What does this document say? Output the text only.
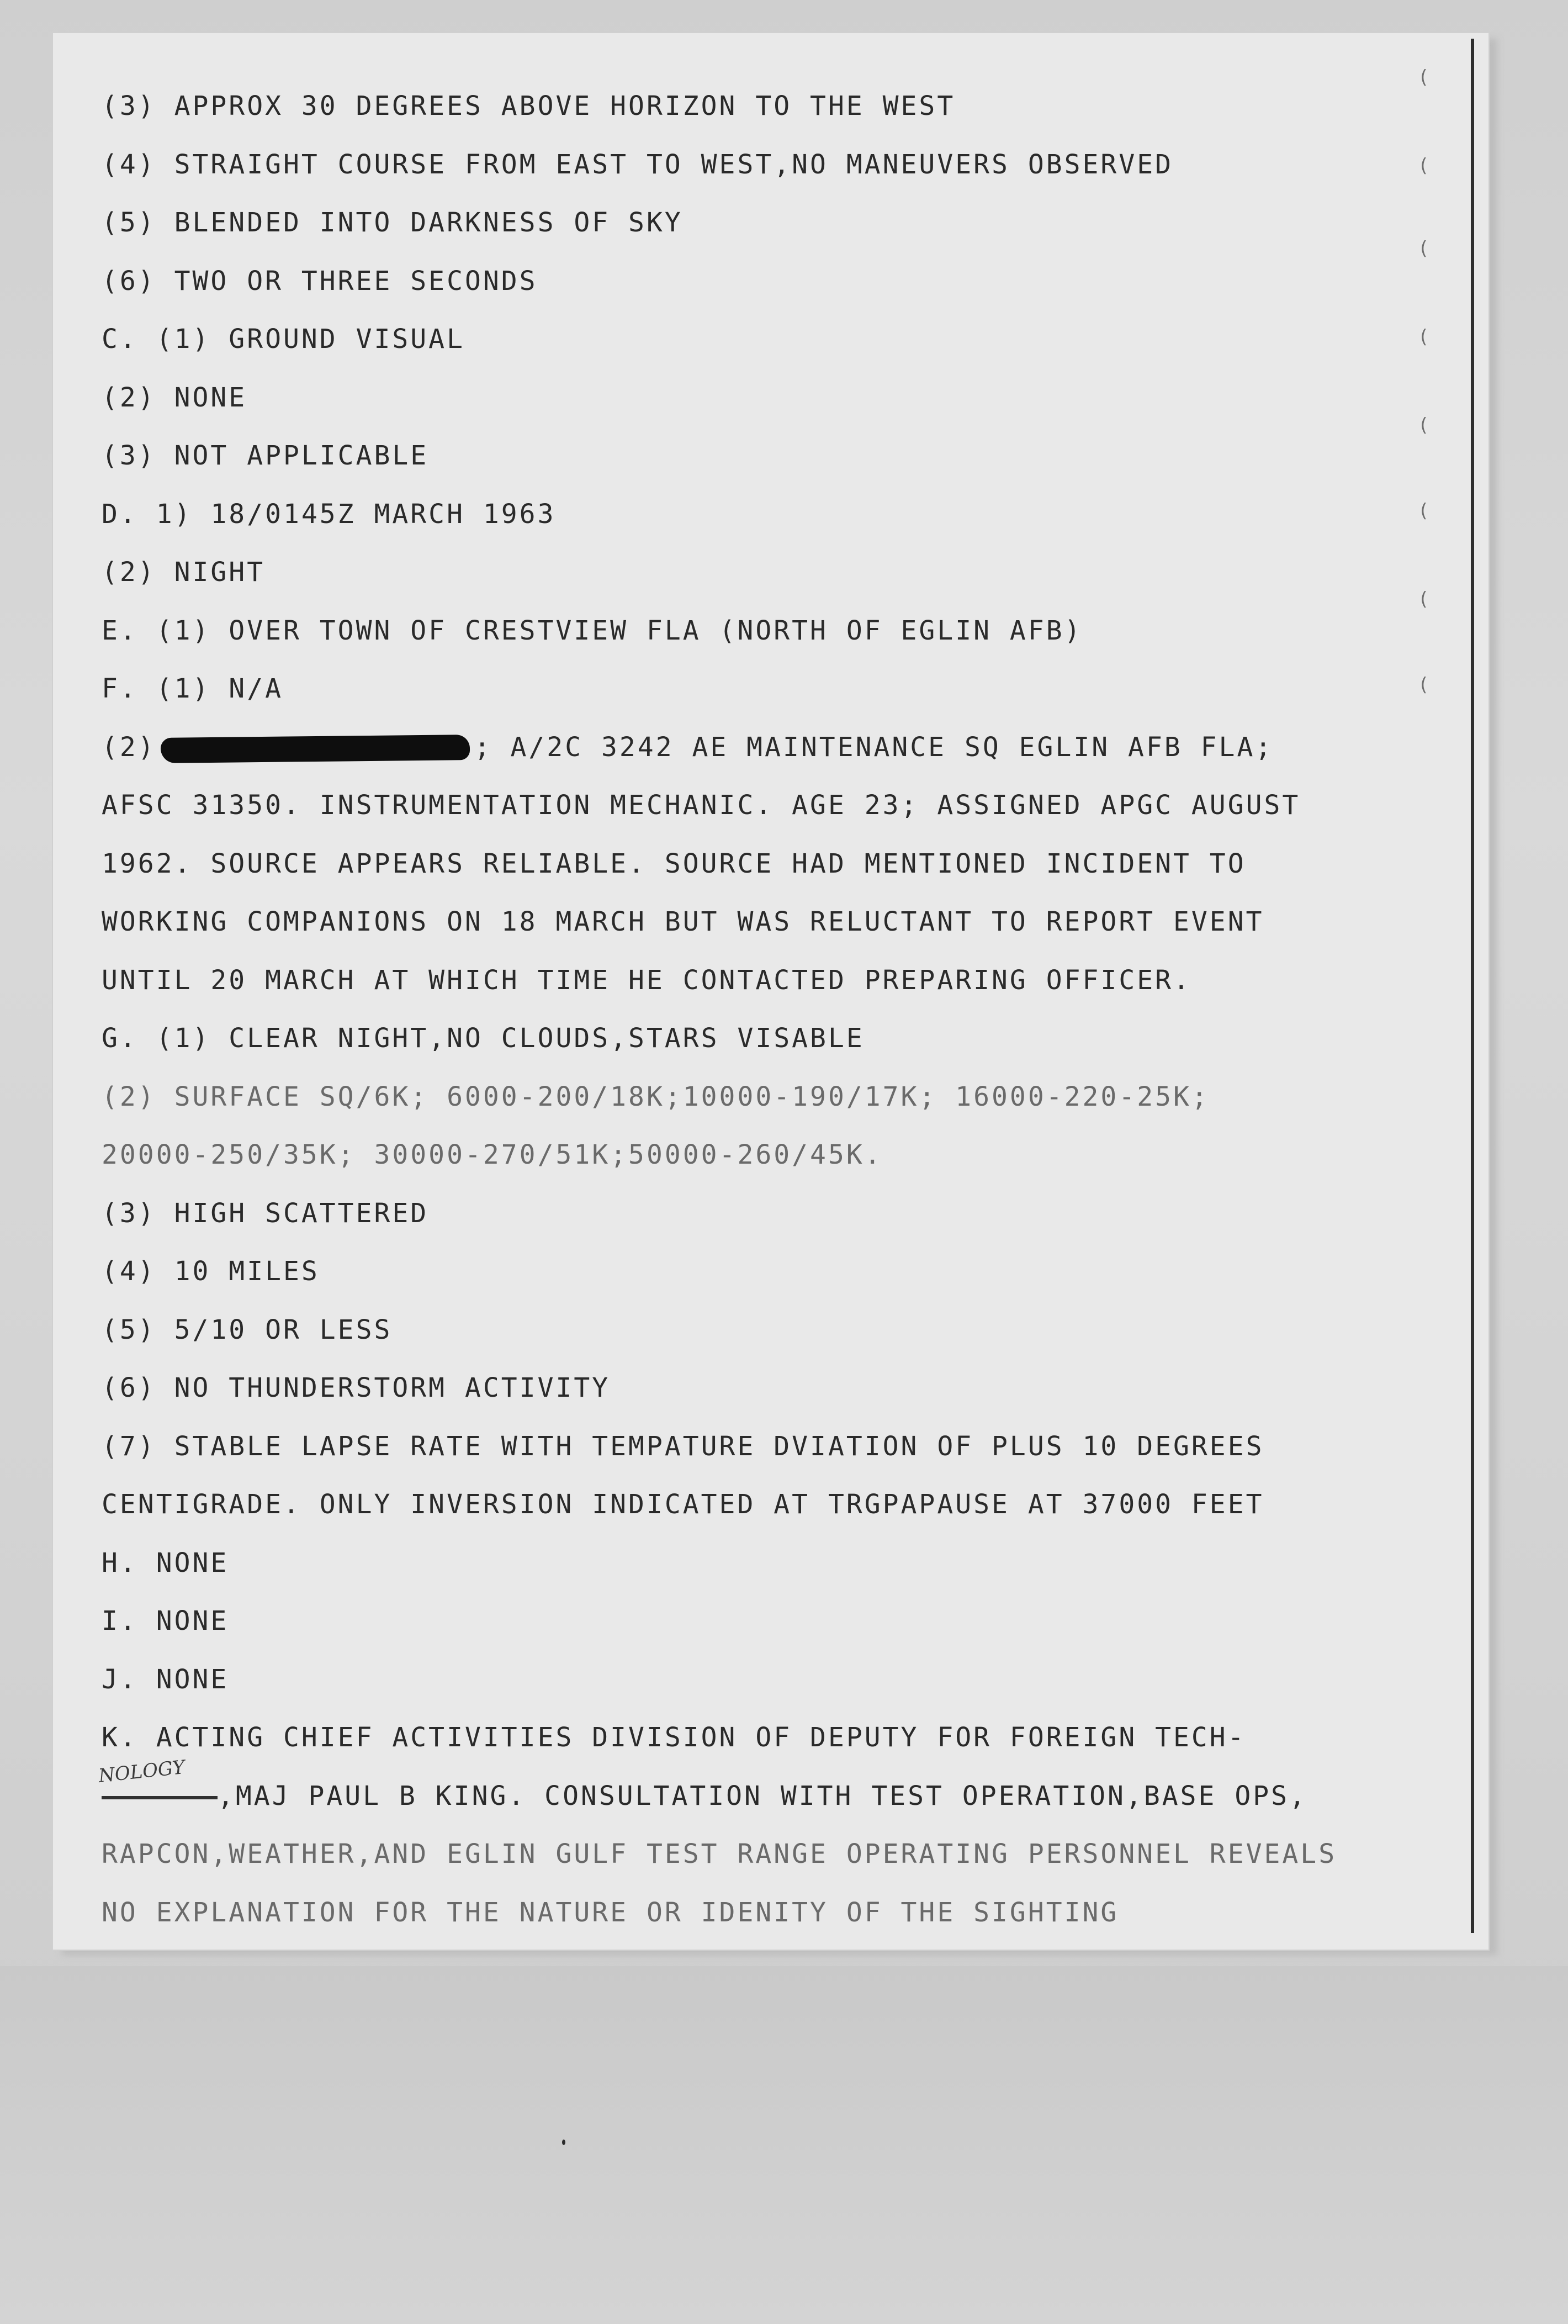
(
(
(
(
(
(
(
(
(3) APPROX 30 DEGREES ABOVE HORIZON TO THE WEST
(4) STRAIGHT COURSE FROM EAST TO WEST,NO MANEUVERS OBSERVED
(5) BLENDED INTO DARKNESS OF SKY
(6) TWO OR THREE SECONDS
C. (1) GROUND VISUAL
(2) NONE
(3) NOT APPLICABLE
D. 1) 18/0145Z MARCH 1963
(2) NIGHT
E. (1) OVER TOWN OF CRESTVIEW FLA (NORTH OF EGLIN AFB)
F. (1) N/A
(2)	; A/2C 3242 AE MAINTENANCE SQ EGLIN AFB FLA;
AFSC 31350. INSTRUMENTATION MECHANIC. AGE 23; ASSIGNED APGC AUGUST
1962. SOURCE APPEARS RELIABLE. SOURCE HAD MENTIONED INCIDENT TO
WORKING COMPANIONS ON 18 MARCH BUT WAS RELUCTANT TO REPORT EVENT
UNTIL 20 MARCH AT WHICH TIME HE CONTACTED PREPARING OFFICER.
G. (1) CLEAR NIGHT,NO CLOUDS,STARS VISABLE
(2) SURFACE SQ/6K; 6000-200/18K;10000-190/17K; 16000-220-25K;
20000-250/35K; 30000-270/51K;50000-260/45K.
(3) HIGH SCATTERED
(4) 10 MILES
(5) 5/10 OR LESS
(6) NO THUNDERSTORM ACTIVITY
(7) STABLE LAPSE RATE WITH TEMPATURE DVIATION OF PLUS 10 DEGREES
CENTIGRADE. ONLY INVERSION INDICATED AT TRGPAPAUSE AT 37000 FEET
H. NONE
I. NONE
J. NONE
K. ACTING CHIEF ACTIVITIES DIVISION OF DEPUTY FOR FOREIGN TECH-
,MAJ PAUL B KING. CONSULTATION WITH TEST OPERATION,BASE OPS,
RAPCON,WEATHER,AND EGLIN GULF TEST RANGE OPERATING PERSONNEL REVEALS
NO EXPLANATION FOR THE NATURE OR IDENITY OF THE SIGHTING
NOLOGY
